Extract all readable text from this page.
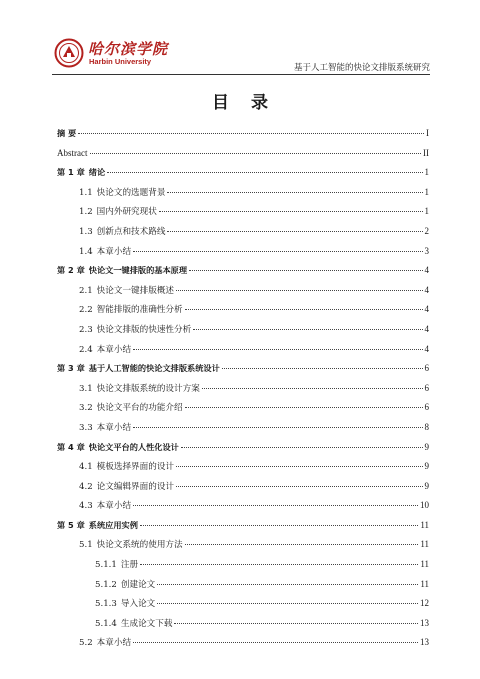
哈尔滨学院
Harbin University
基于人工智能的快论文排版系统研究
目 录
摘 要	I
Abstract	II
第 1 章 绪论	1
1.1 快论文的选题背景	1
1.2 国内外研究现状	1
1.3 创新点和技术路线	2
1.4 本章小结	3
第 2 章 快论文一键排版的基本原理	4
2.1 快论文一键排版概述	4
2.2 智能排版的准确性分析	4
2.3 快论文排版的快速性分析	4
2.4 本章小结	4
第 3 章 基于人工智能的快论文排版系统设计	6
3.1 快论文排版系统的设计方案	6
3.2 快论文平台的功能介绍	6
3.3 本章小结	8
第 4 章 快论文平台的人性化设计	9
4.1 模板选择界面的设计	9
4.2 论文编辑界面的设计	9
4.3 本章小结	10
第 5 章 系统应用实例	11
5.1 快论文系统的使用方法	11
5.1.1 注册	11
5.1.2 创建论文	11
5.1.3 导入论文	12
5.1.4 生成论文下载	13
5.2 本章小结	13
